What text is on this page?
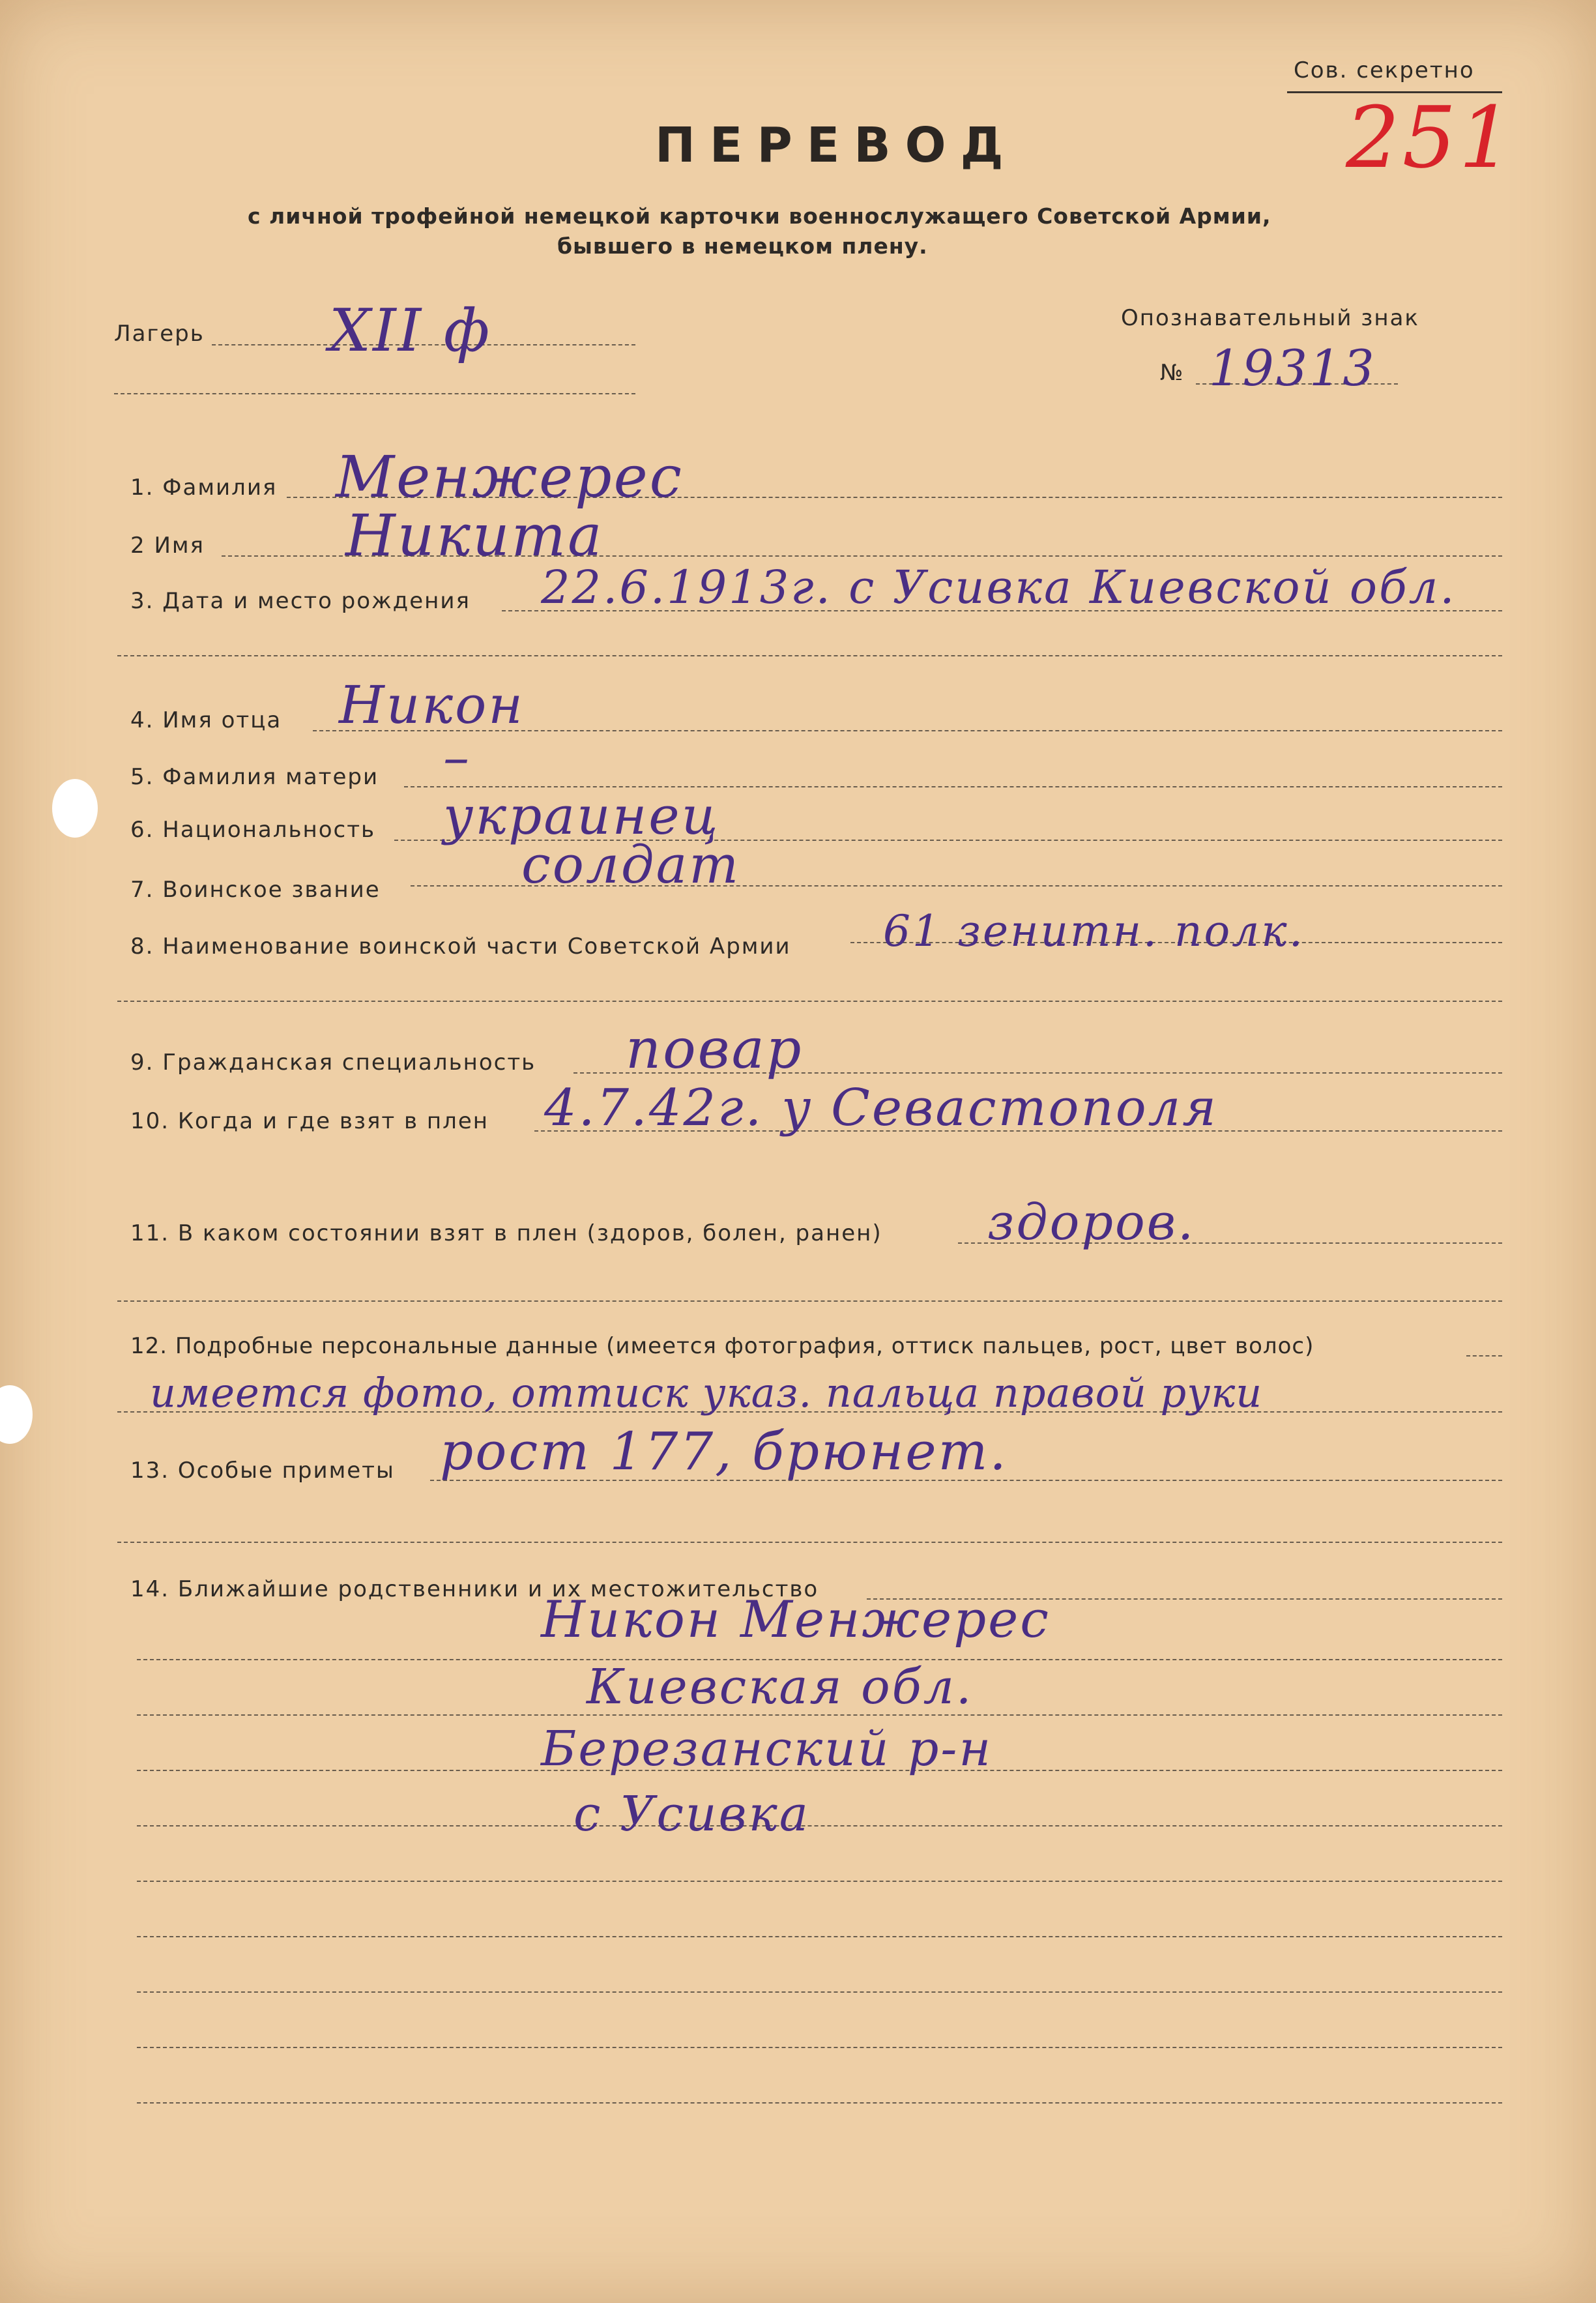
Сов. секретно
251
ПЕРЕВОД
с личной трофейной немецкой карточки военнослужащего Советской Армии,
бывшего в немецком плену.
Лагерь XII ф	Опознавательный знак
№ 19313
1. Фамилия Менжерес
2 Имя Никита
3. Дата и место рождения 22.6.1913г. с Усивка Киевской обл.
4. Имя отца Никон
5. Фамилия матери –
6. Национальность украинец
7. Воинское звание	солдат
8. Наименование воинской части Советской Армии 61 зенитн. полк.
9. Гражданская специальность повар
10. Когда и где взят в плен 4.7.42г. у Севастополя
11. В каком состоянии взят в плен (здоров, болен, ранен) здоров.
12. Подробные персональные данные (имеется фотография, оттиск пальцев, рост, цвет волос)
имеется фото, оттиск указ. пальца правой руки
13. Особые приметы рост 177, брюнет.
14. Ближайшие родственники и их местожительство
Никон Менжерес
Киевская обл.
Березанский р-н
с Усивка
